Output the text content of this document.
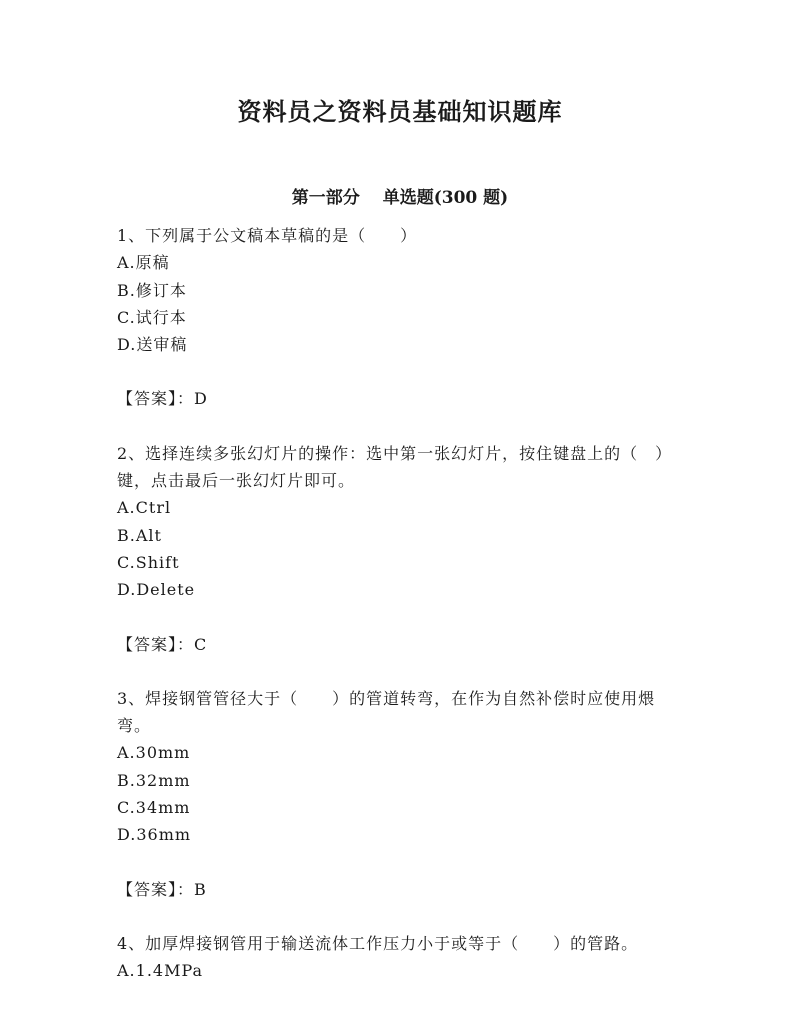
资料员之资料员基础知识题库
第一部分　 单选题(300 题)

1、下列属于公文稿本草稿的是（　　）

A.原稿

B.修订本

C.试行本

D.送审稿

【答案】：D

2、选择连续多张幻灯片的操作：选中第一张幻灯片，按住键盘上的（　）键，点击最后一张幻灯片即可。

A.Ctrl

B.Alt

C.Shift

D.Delete

【答案】：C

3、焊接钢管管径大于（　　）的管道转弯，在作为自然补偿时应使用煨弯。

A.30mm

B.32mm

C.34mm

D.36mm

【答案】：B

4、加厚焊接钢管用于输送流体工作压力小于或等于（　　）的管路。

A.1.4MPa
